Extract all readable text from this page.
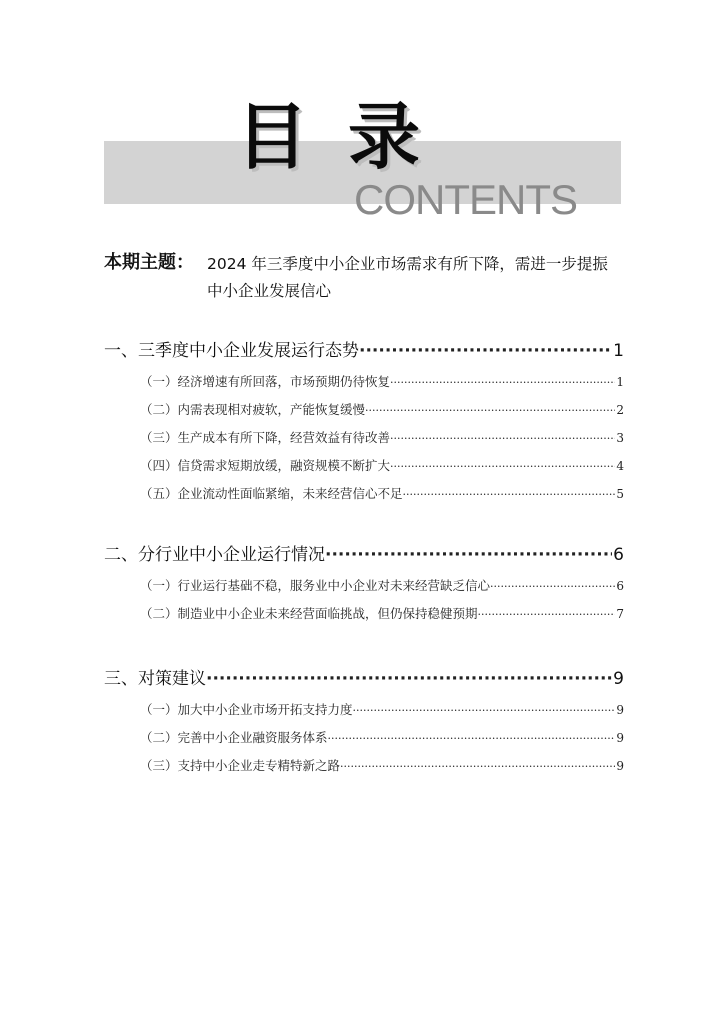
目录
CONTENTS
本期主题： 2024 年三季度中小企业市场需求有所下降，需进一步提振中小企业发展信心
一、三季度中小企业发展运行态势 ·····	1
（一）经济增速有所回落，市场预期仍待恢复 ·····	1
（二）内需表现相对疲软，产能恢复缓慢 ·····	2
（三）生产成本有所下降，经营效益有待改善 ·····	3
（四）信贷需求短期放缓，融资规模不断扩大 ·····	4
（五）企业流动性面临紧缩，未来经营信心不足 ·····	5
二、分行业中小企业运行情况 ·····	6
（一）行业运行基础不稳，服务业中小企业对未来经营缺乏信心 ·····	6
（二）制造业中小企业未来经营面临挑战，但仍保持稳健预期 ·····	7
三、对策建议 ·····	9
（一）加大中小企业市场开拓支持力度 ·····	9
（二）完善中小企业融资服务体系 ·····	9
（三）支持中小企业走专精特新之路 ·····	9
